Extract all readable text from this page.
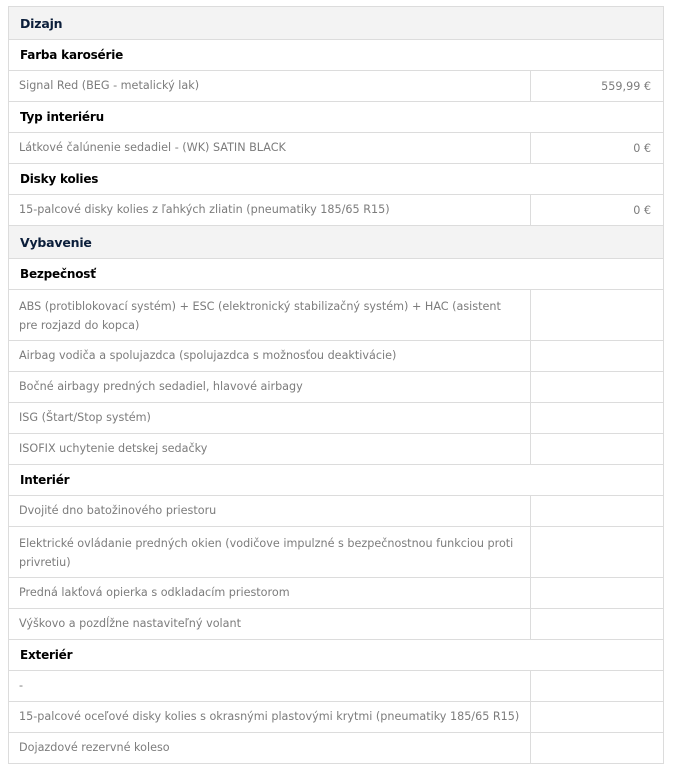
Dizajn
Farba karosérie
Signal Red (BEG - metalický lak)	559,99 €
Typ interiéru
Látkové čalúnenie sedadiel - (WK) SATIN BLACK	0 €
Disky kolies
15-palcové disky kolies z ľahkých zliatin (pneumatiky 185/65 R15)	0 €
Vybavenie
Bezpečnosť
ABS (protiblokovací systém) + ESC (elektronický stabilizačný systém) + HAC (asistent pre rozjazd do kopca)
Airbag vodiča a spolujazdca (spolujazdca s možnosťou deaktivácie)
Bočné airbagy predných sedadiel, hlavové airbagy
ISG (Štart/Stop systém)
ISOFIX uchytenie detskej sedačky
Interiér
Dvojité dno batožinového priestoru
Elektrické ovládanie predných okien (vodičove impulzné s bezpečnostnou funkciou proti privretiu)
Predná lakťová opierka s odkladacím priestorom
Výškovo a pozdĺžne nastaviteľný volant
Exteriér
-
15-palcové oceľové disky kolies s okrasnými plastovými krytmi (pneumatiky 185/65 R15)
Dojazdové rezervné koleso
